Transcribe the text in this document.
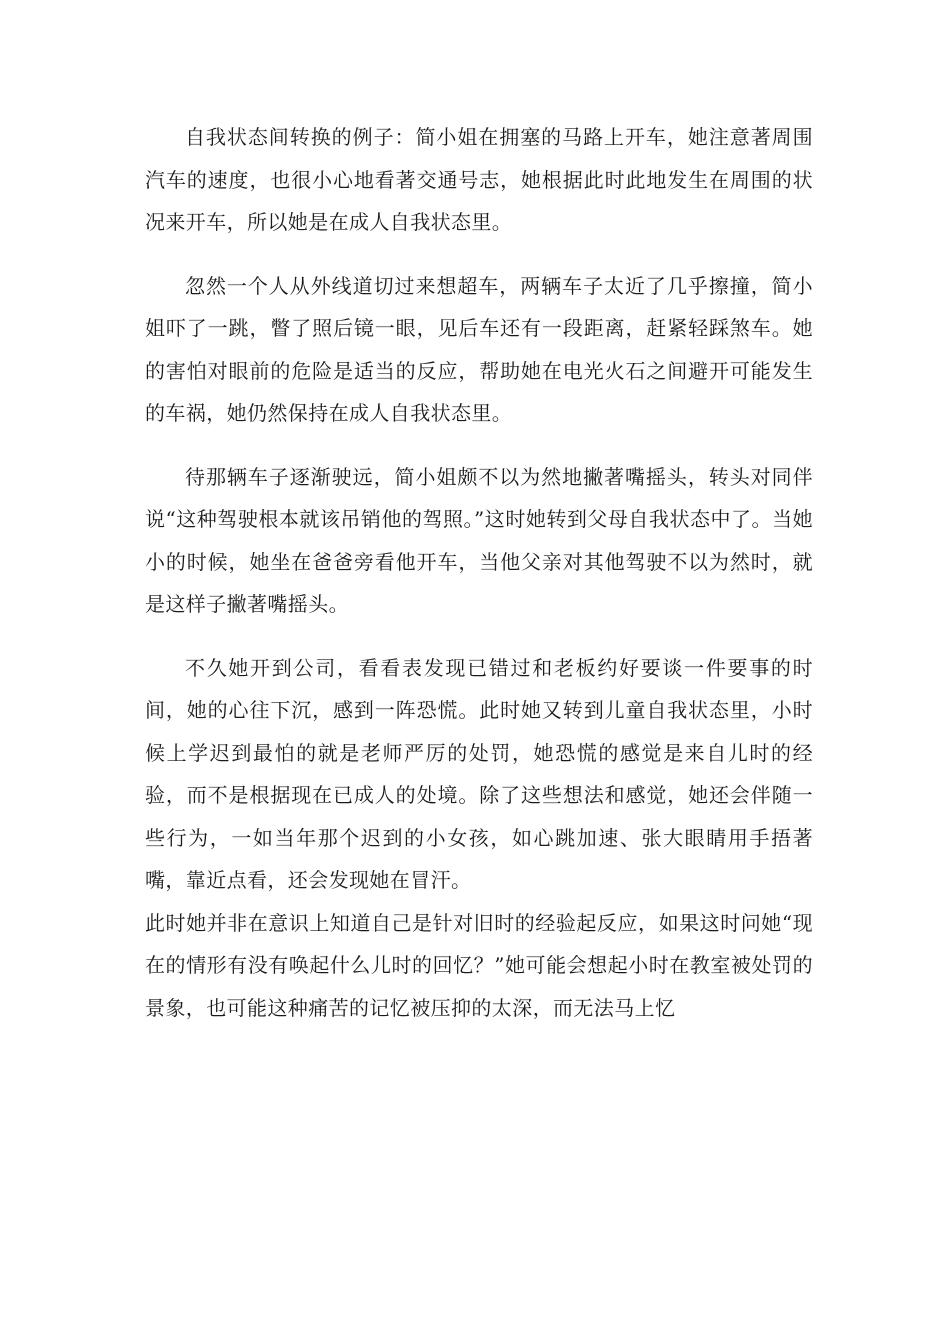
自我状态间转换的例子：简小姐在拥塞的马路上开车，她注意著周围汽车的速度，也很小心地看著交通号志，她根据此时此地发生在周围的状况来开车，所以她是在成人自我状态里。

忽然一个人从外线道切过来想超车，两辆车子太近了几乎擦撞，简小姐吓了一跳，瞥了照后镜一眼，见后车还有一段距离，赶紧轻踩煞车。她的害怕对眼前的危险是适当的反应，帮助她在电光火石之间避开可能发生的车祸，她仍然保持在成人自我状态里。

待那辆车子逐渐驶远，简小姐颇不以为然地撇著嘴摇头，转头对同伴说“这种驾驶根本就该吊销他的驾照。”这时她转到父母自我状态中了。当她小的时候，她坐在爸爸旁看他开车，当他父亲对其他驾驶不以为然时，就是这样子撇著嘴摇头。

不久她开到公司，看看表发现已错过和老板约好要谈一件要事的时间，她的心往下沉，感到一阵恐慌。此时她又转到儿童自我状态里，小时候上学迟到最怕的就是老师严厉的处罚，她恐慌的感觉是来自儿时的经验，而不是根据现在已成人的处境。除了这些想法和感觉，她还会伴随一些行为，一如当年那个迟到的小女孩，如心跳加速、张大眼睛用手捂著嘴，靠近点看，还会发现她在冒汗。

此时她并非在意识上知道自己是针对旧时的经验起反应，如果这时问她“现在的情形有没有唤起什么儿时的回忆？”她可能会想起小时在教室被处罚的景象，也可能这种痛苦的记忆被压抑的太深，而无法马上忆
